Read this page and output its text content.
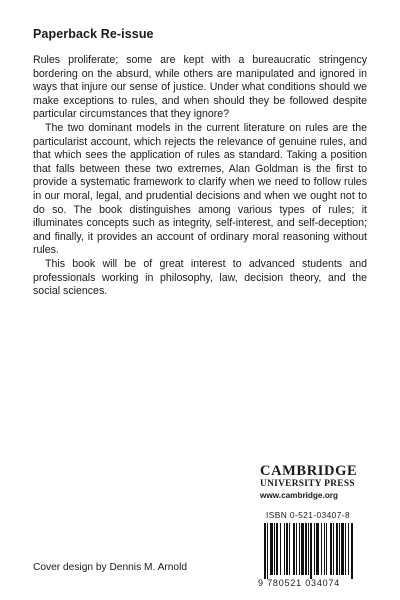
Paperback Re-issue

Rules proliferate; some are kept with a bureaucratic stringency bordering on the absurd, while others are manipulated and ignored in ways that injure our sense of justice. Under what conditions should we make exceptions to rules, and when should they be followed despite particular circumstances that they ignore?

The two dominant models in the current literature on rules are the particularist account, which rejects the relevance of genuine rules, and that which sees the application of rules as standard. Taking a position that falls between these two extremes, Alan Goldman is the first to provide a systematic framework to clarify when we need to follow rules in our moral, legal, and prudential decisions and when we ought not to do so. The book distinguishes among various types of rules; it illuminates concepts such as integrity, self-interest, and self-deception; and finally, it provides an account of ordinary moral reasoning without rules.

This book will be of great interest to advanced students and professionals working in philosophy, law, decision theory, and the social sciences.

CAMBRIDGE
UNIVERSITY PRESS
www.cambridge.org
ISBN 0-521-03407-8
9 780521 034074
Cover design by Dennis M. Arnold
